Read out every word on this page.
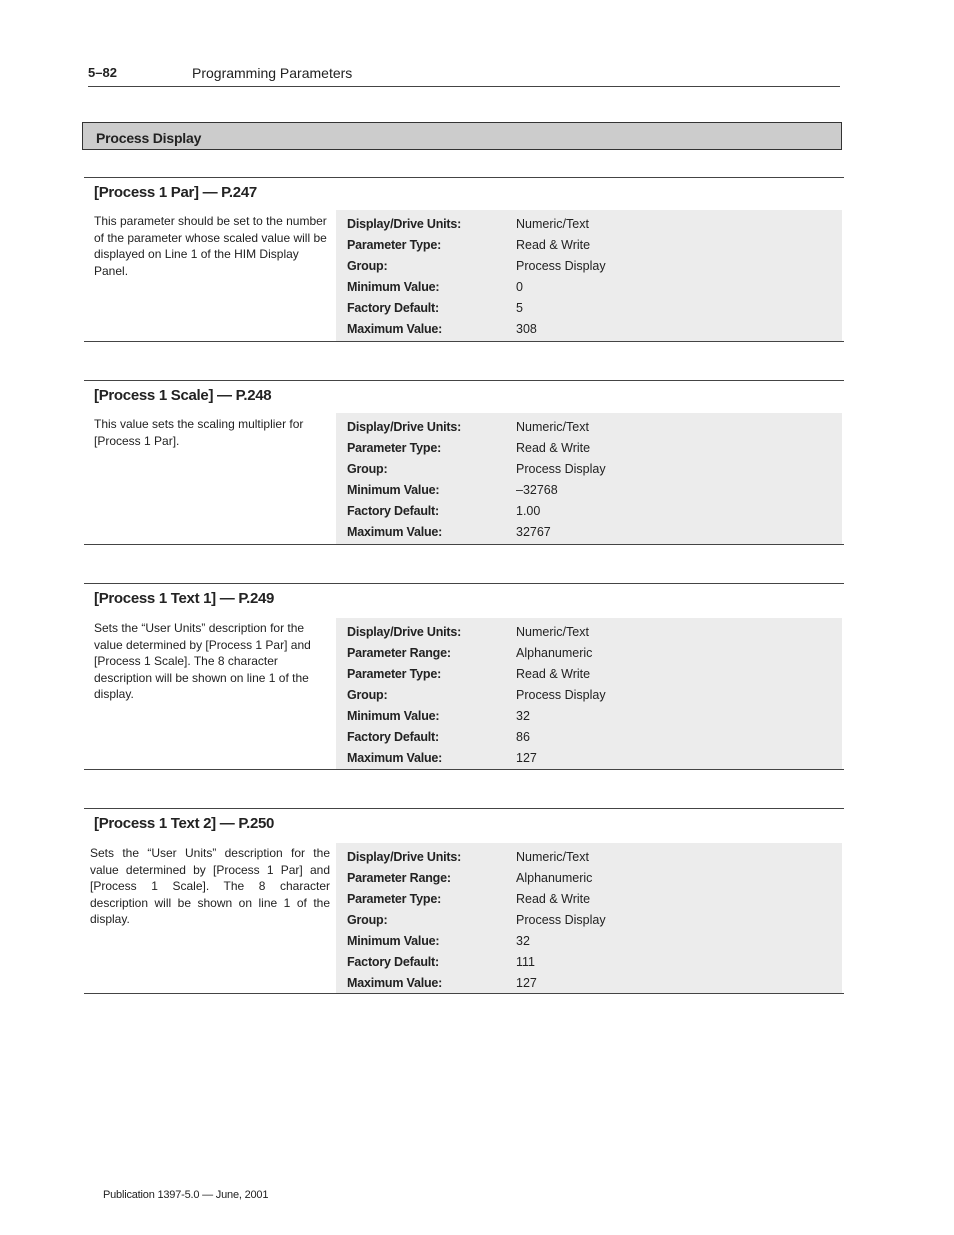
5–82	Programming Parameters
Process Display
[Process 1 Par] — P.247
This parameter should be set to the number of the parameter whose scaled value will be displayed on Line 1 of the HIM Display Panel.
Display/Drive Units:	Numeric/Text
Parameter Type:	Read & Write
Group:	Process Display
Minimum Value:	0
Factory Default:	5
Maximum Value:	308
[Process 1 Scale] — P.248
This value sets the scaling multiplier for [Process 1 Par].
Display/Drive Units:	Numeric/Text
Parameter Type:	Read & Write
Group:	Process Display
Minimum Value:	–32768
Factory Default:	1.00
Maximum Value:	32767
[Process 1 Text 1] — P.249
Sets the “User Units” description for the value determined by [Process 1 Par] and [Process 1 Scale]. The 8 character description will be shown on line 1 of the display.
Display/Drive Units:	Numeric/Text
Parameter Range:	Alphanumeric
Parameter Type:	Read & Write
Group:	Process Display
Minimum Value:	32
Factory Default:	86
Maximum Value:	127
[Process 1 Text 2] — P.250
Sets the “User Units” description for the value determined by [Process 1 Par] and [Process 1 Scale]. The 8 character description will be shown on line 1 of the display.
Display/Drive Units:	Numeric/Text
Parameter Range:	Alphanumeric
Parameter Type:	Read & Write
Group:	Process Display
Minimum Value:	32
Factory Default:	111
Maximum Value:	127
Publication 1397-5.0 — June, 2001
